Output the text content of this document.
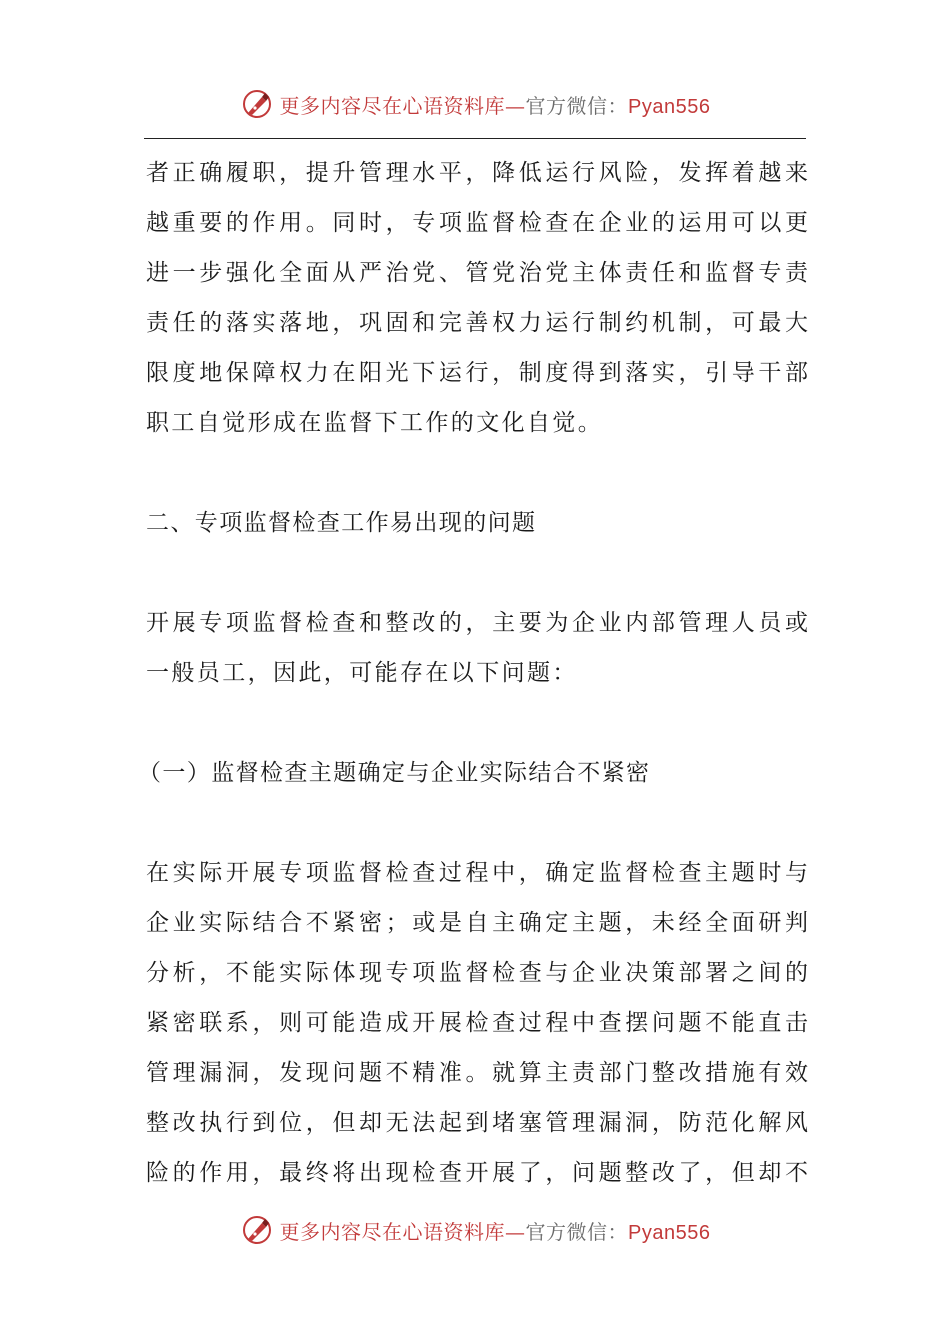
更多内容尽在心语资料库—官方微信：Pyan556
者正确履职，提升管理水平，降低运行风险，发挥着越来
越重要的作用。同时，专项监督检查在企业的运用可以更
进一步强化全面从严治党、管党治党主体责任和监督专责
责任的落实落地，巩固和完善权力运行制约机制，可最大
限度地保障权力在阳光下运行，制度得到落实，引导干部
职工自觉形成在监督下工作的文化自觉。
二、专项监督检查工作易出现的问题
开展专项监督检查和整改的，主要为企业内部管理人员或
一般员工，因此，可能存在以下问题：
（一）监督检查主题确定与企业实际结合不紧密
在实际开展专项监督检查过程中，确定监督检查主题时与
企业实际结合不紧密；或是自主确定主题，未经全面研判
分析，不能实际体现专项监督检查与企业决策部署之间的
紧密联系，则可能造成开展检查过程中查摆问题不能直击
管理漏洞，发现问题不精准。就算主责部门整改措施有效
整改执行到位，但却无法起到堵塞管理漏洞，防范化解风
险的作用，最终将出现检查开展了，问题整改了，但却不
更多内容尽在心语资料库—官方微信：Pyan556
